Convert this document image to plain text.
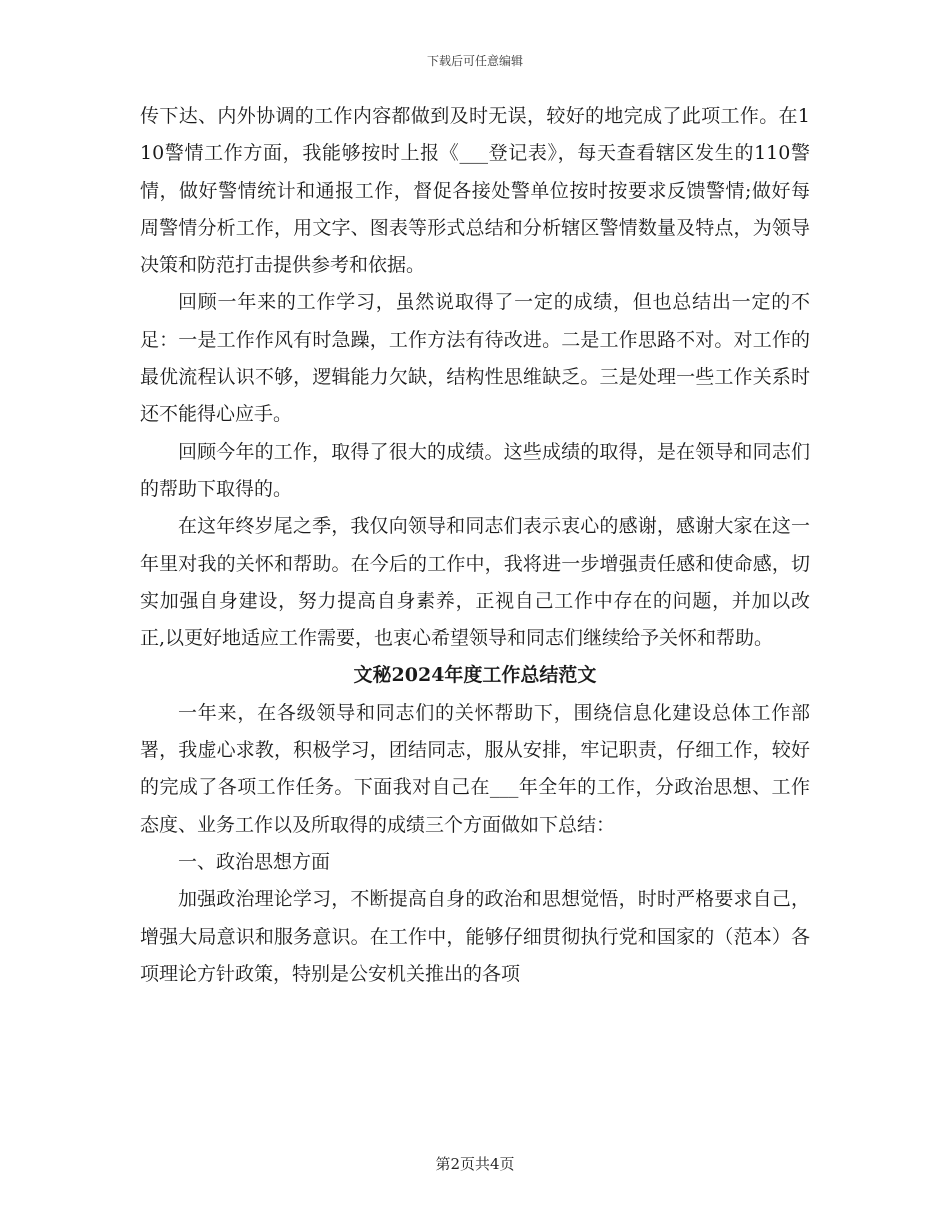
下载后可任意编辑

传下达、内外协调的工作内容都做到及时无误，较好的地完成了此项工作。在110警情工作方面，我能够按时上报《___登记表》，每天查看辖区发生的110警情，做好警情统计和通报工作，督促各接处警单位按时按要求反馈警情;做好每周警情分析工作，用文字、图表等形式总结和分析辖区警情数量及特点，为领导决策和防范打击提供参考和依据。

回顾一年来的工作学习，虽然说取得了一定的成绩，但也总结出一定的不足：一是工作作风有时急躁，工作方法有待改进。二是工作思路不对。对工作的最优流程认识不够，逻辑能力欠缺，结构性思维缺乏。三是处理一些工作关系时还不能得心应手。

回顾今年的工作，取得了很大的成绩。这些成绩的取得，是在领导和同志们的帮助下取得的。

在这年终岁尾之季，我仅向领导和同志们表示衷心的感谢，感谢大家在这一年里对我的关怀和帮助。在今后的工作中，我将进一步增强责任感和使命感，切实加强自身建设，努力提高自身素养，正视自己工作中存在的问题，并加以改正,以更好地适应工作需要，也衷心希望领导和同志们继续给予关怀和帮助。

文秘2024年度工作总结范文

一年来，在各级领导和同志们的关怀帮助下，围绕信息化建设总体工作部署，我虚心求教，积极学习，团结同志，服从安排，牢记职责，仔细工作，较好的完成了各项工作任务。下面我对自己在___年全年的工作，分政治思想、工作态度、业务工作以及所取得的成绩三个方面做如下总结：

一、政治思想方面

加强政治理论学习，不断提高自身的政治和思想觉悟，时时严格要求自己，增强大局意识和服务意识。在工作中，能够仔细贯彻执行党和国家的（范本）各项理论方针政策，特别是公安机关推出的各项

第2页共4页
